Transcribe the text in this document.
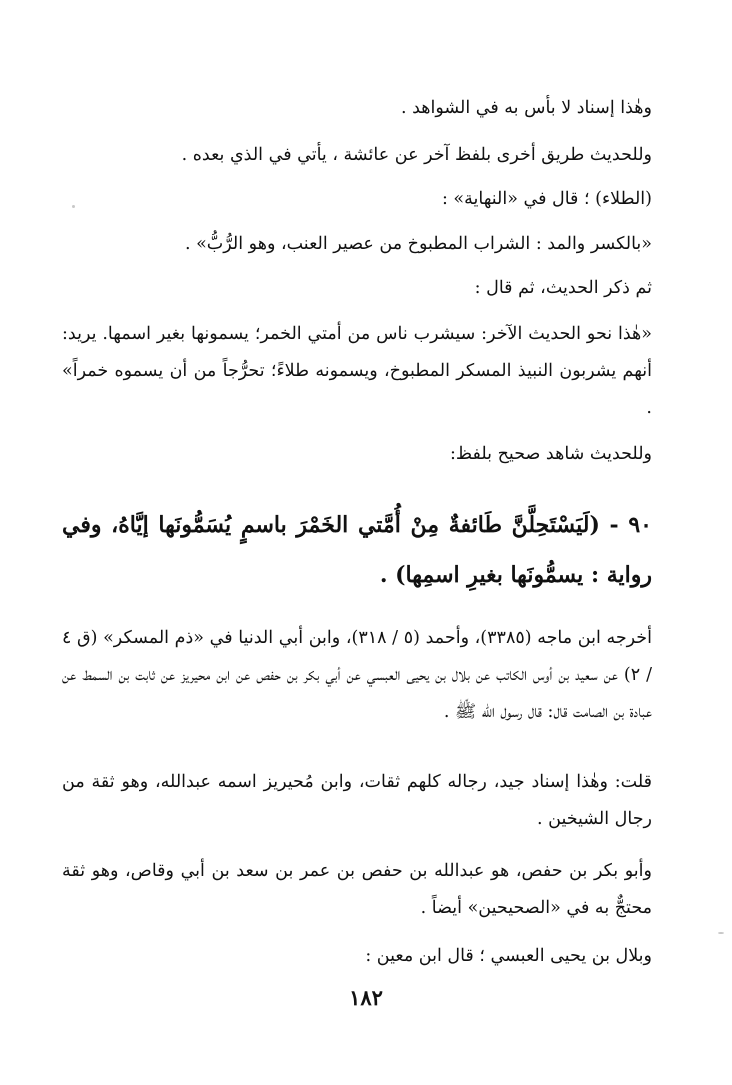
وهٰذا إسناد لا بأس به في الشواهد .
وللحديث طريق أخرى بلفظ آخر عن عائشة ، يأتي في الذي بعده .
(الطلاء) ؛ قال في «النهاية» :
«بالكسر والمد : الشراب المطبوخ من عصير العنب، وهو الرُّبُّ» .
ثم ذكر الحديث، ثم قال :
«هٰذا نحو الحديث الآخر: سيشرب ناس من أمتي الخمر؛ يسمونها بغير اسمها. يريد: أنهم يشربون النبيذ المسكر المطبوخ، ويسمونه طلاءً؛ تحرُّجاً من أن يسموه خمراً» .
وللحديث شاهد صحيح بلفظ:
٩٠ - (لَيَسْتَحِلَّنَّ طَائفةٌ مِنْ أُمَّتي الخَمْرَ باسمٍ يُسَمُّونَها إيَّاهُ، وفي رواية : يسمُّونَها بغيرِ اسمِها) .
أخرجه ابن ماجه (٣٣٨٥)، وأحمد (٥ / ٣١٨)، وابن أبي الدنيا في «ذم المسكر» (ق ٤ / ٢) عن سعيد بن أوس الكاتب عن بلال بن يحيى العبسي عن أبي بكر بن حفص عن ابن محيريز عن ثابت بن السمط عن عبادة بن الصامت قال: قال رسول الله ﷺ .
قلت: وهٰذا إسناد جيد، رجاله كلهم ثقات، وابن مُحيريز اسمه عبدالله، وهو ثقة من رجال الشيخين .
وأبو بكر بن حفص، هو عبدالله بن حفص بن عمر بن سعد بن أبي وقاص، وهو ثقة محتجٌّ به في «الصحيحين» أيضاً .
وبلال بن يحيى العبسي ؛ قال ابن معين :
١٨٢
